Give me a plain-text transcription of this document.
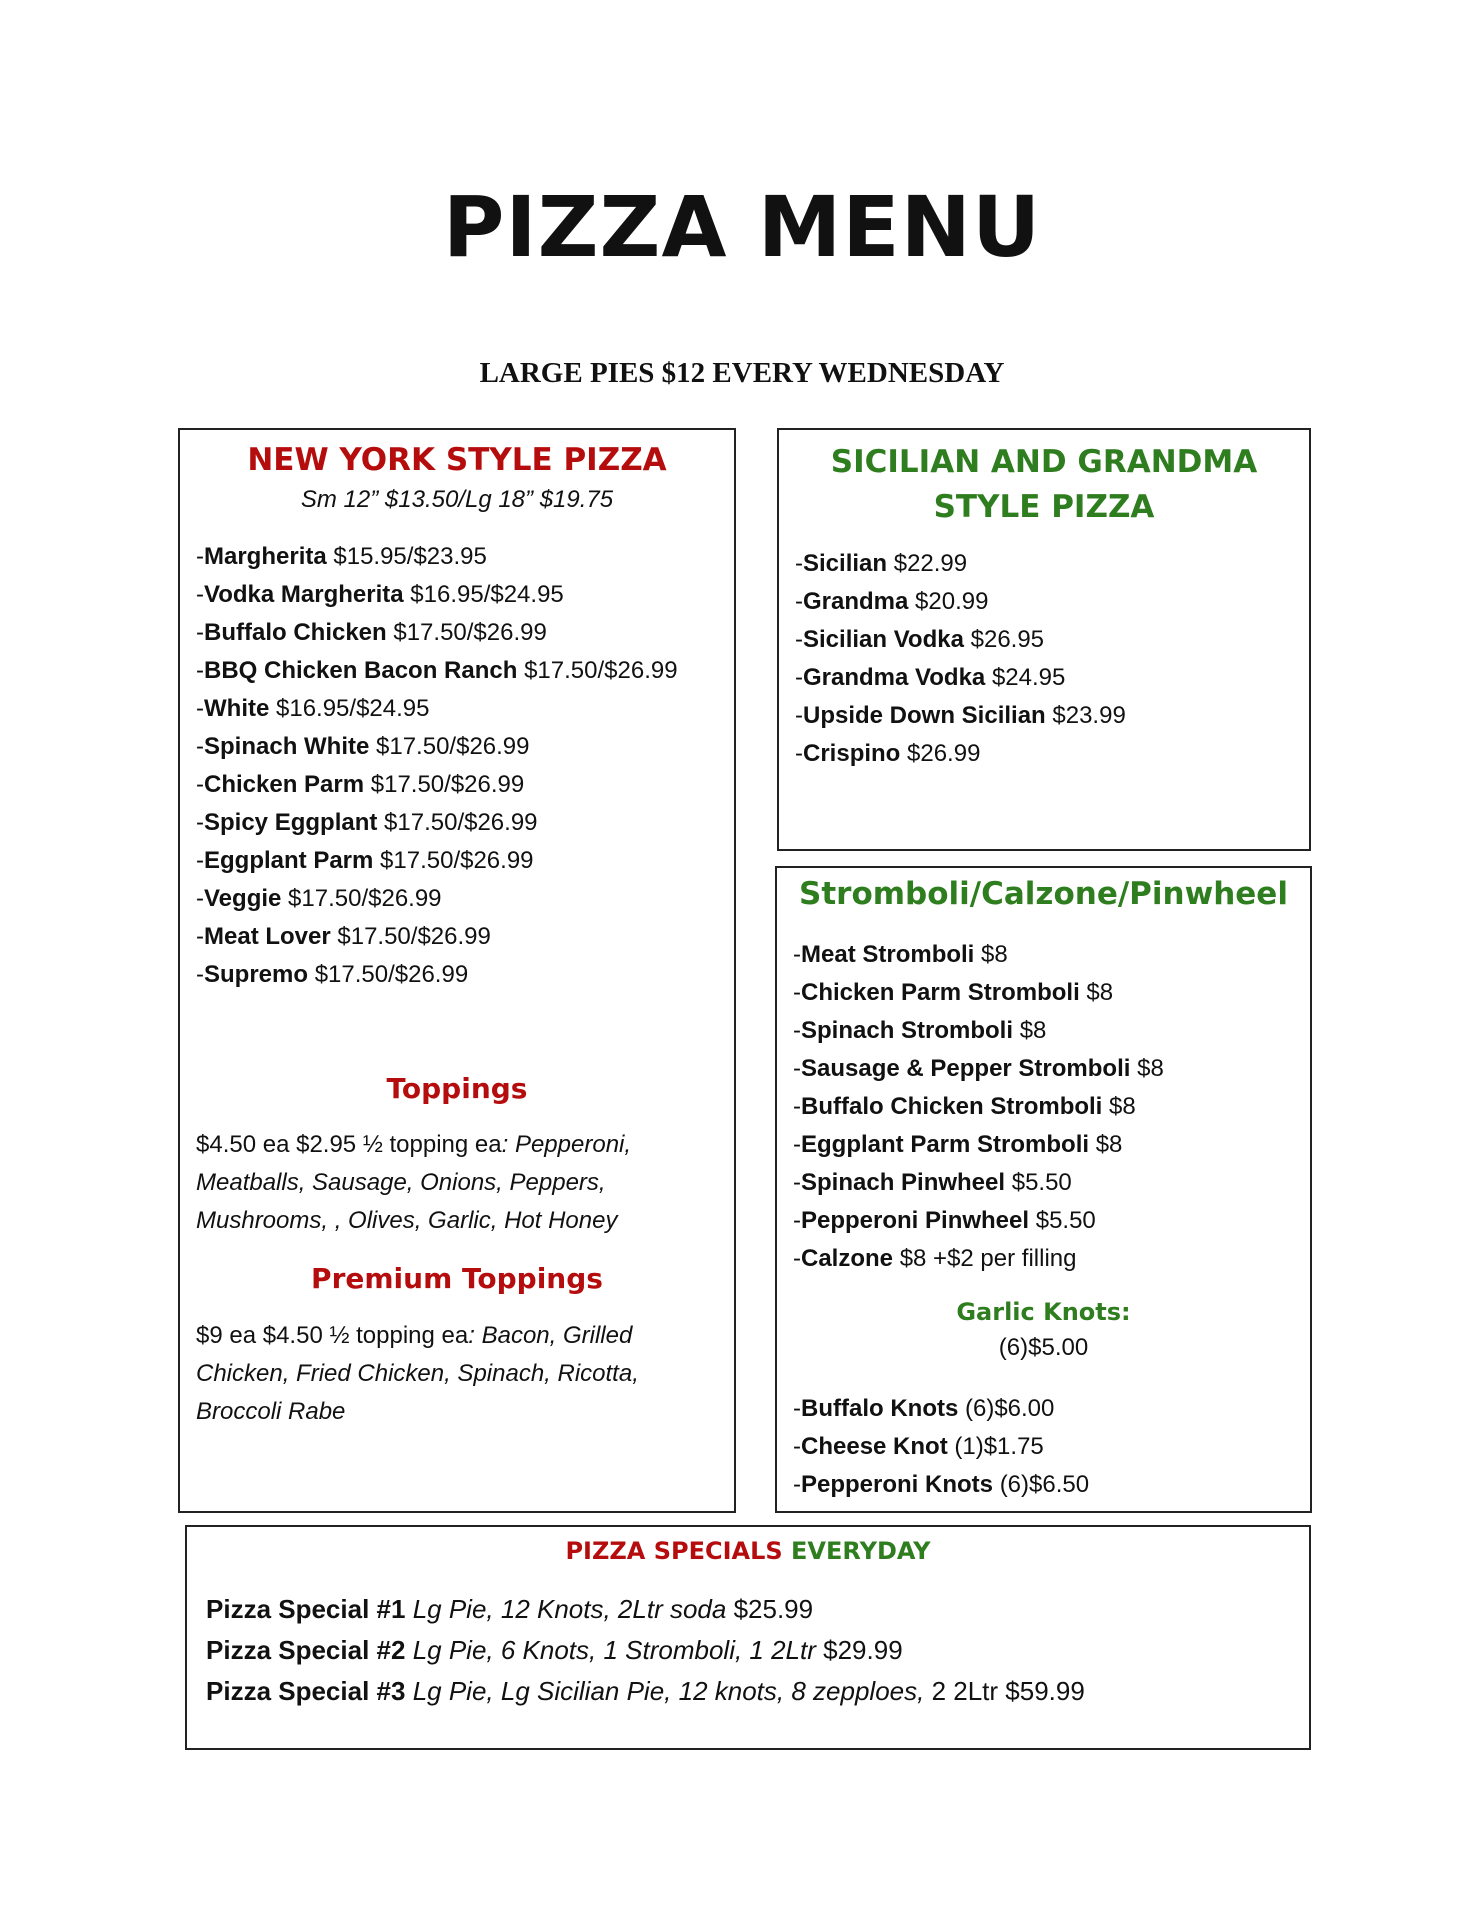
PIZZA MENU
LARGE PIES $12 EVERY WEDNESDAY
NEW YORK STYLE PIZZA
Sm 12” $13.50/Lg 18” $19.75
-Margherita $15.95/$23.95
-Vodka Margherita $16.95/$24.95
-Buffalo Chicken $17.50/$26.99
-BBQ Chicken Bacon Ranch $17.50/$26.99
-White $16.95/$24.95
-Spinach White $17.50/$26.99
-Chicken Parm $17.50/$26.99
-Spicy Eggplant $17.50/$26.99
-Eggplant Parm $17.50/$26.99
-Veggie $17.50/$26.99
-Meat Lover $17.50/$26.99
-Supremo $17.50/$26.99
Toppings
$4.50 ea $2.95 ½ topping ea: Pepperoni, Meatballs, Sausage, Onions, Peppers, Mushrooms, , Olives, Garlic, Hot Honey
Premium Toppings
$9 ea $4.50 ½ topping ea: Bacon, Grilled Chicken, Fried Chicken, Spinach, Ricotta, Broccoli Rabe
SICILIAN AND GRANDMA
STYLE PIZZA
-Sicilian $22.99
-Grandma $20.99
-Sicilian Vodka $26.95
-Grandma Vodka $24.95
-Upside Down Sicilian $23.99
-Crispino $26.99
Stromboli/Calzone/Pinwheel
-Meat Stromboli $8
-Chicken Parm Stromboli $8
-Spinach Stromboli $8
-Sausage & Pepper Stromboli $8
-Buffalo Chicken Stromboli $8
-Eggplant Parm Stromboli $8
-Spinach Pinwheel $5.50
-Pepperoni Pinwheel $5.50
-Calzone $8 +$2 per filling
Garlic Knots:
(6)$5.00
-Buffalo Knots (6)$6.00
-Cheese Knot (1)$1.75
-Pepperoni Knots (6)$6.50
PIZZA SPECIALS EVERYDAY
Pizza Special #1 Lg Pie, 12 Knots, 2Ltr soda $25.99
Pizza Special #2 Lg Pie, 6 Knots, 1 Stromboli, 1 2Ltr $29.99
Pizza Special #3 Lg Pie, Lg Sicilian Pie, 12 knots, 8 zepploes, 2 2Ltr $59.99
